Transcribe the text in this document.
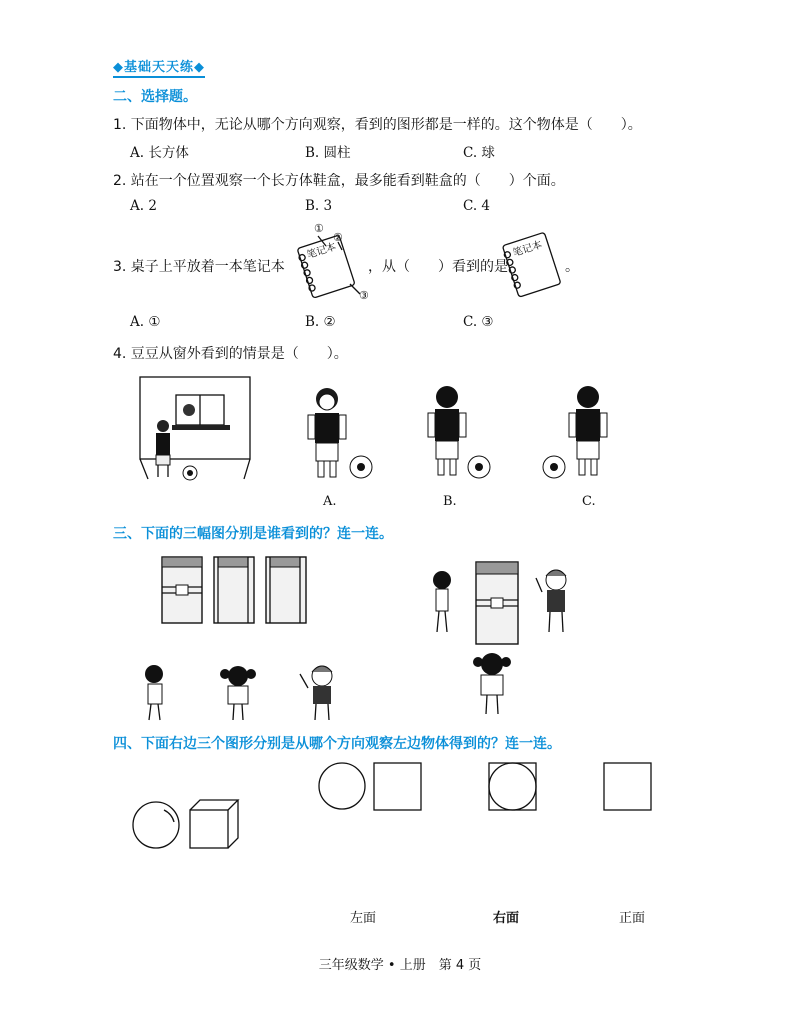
◆基础天天练◆
二、选择题。
1. 下面物体中，无论从哪个方向观察，看到的图形都是一样的。这个物体是（　　）。
A. 长方体	B. 圆柱	C. 球
2. 站在一个位置观察一个长方体鞋盒，最多能看到鞋盒的（　　）个面。
A. 2	B. 3	C. 4
3. 桌子上平放着一本笔记本	，从（　　）看到的是	。
笔记本
①
②
③
笔记本
A. ①	B. ②	C. ③
4. 豆豆从窗外看到的情景是（　　）。
A.	B.	C.
三、下面的三幅图分别是谁看到的？连一连。
四、下面右边三个图形分别是从哪个方向观察左边物体得到的？连一连。
左面	右面	正面
三年级数学 • 上册　第 4 页
